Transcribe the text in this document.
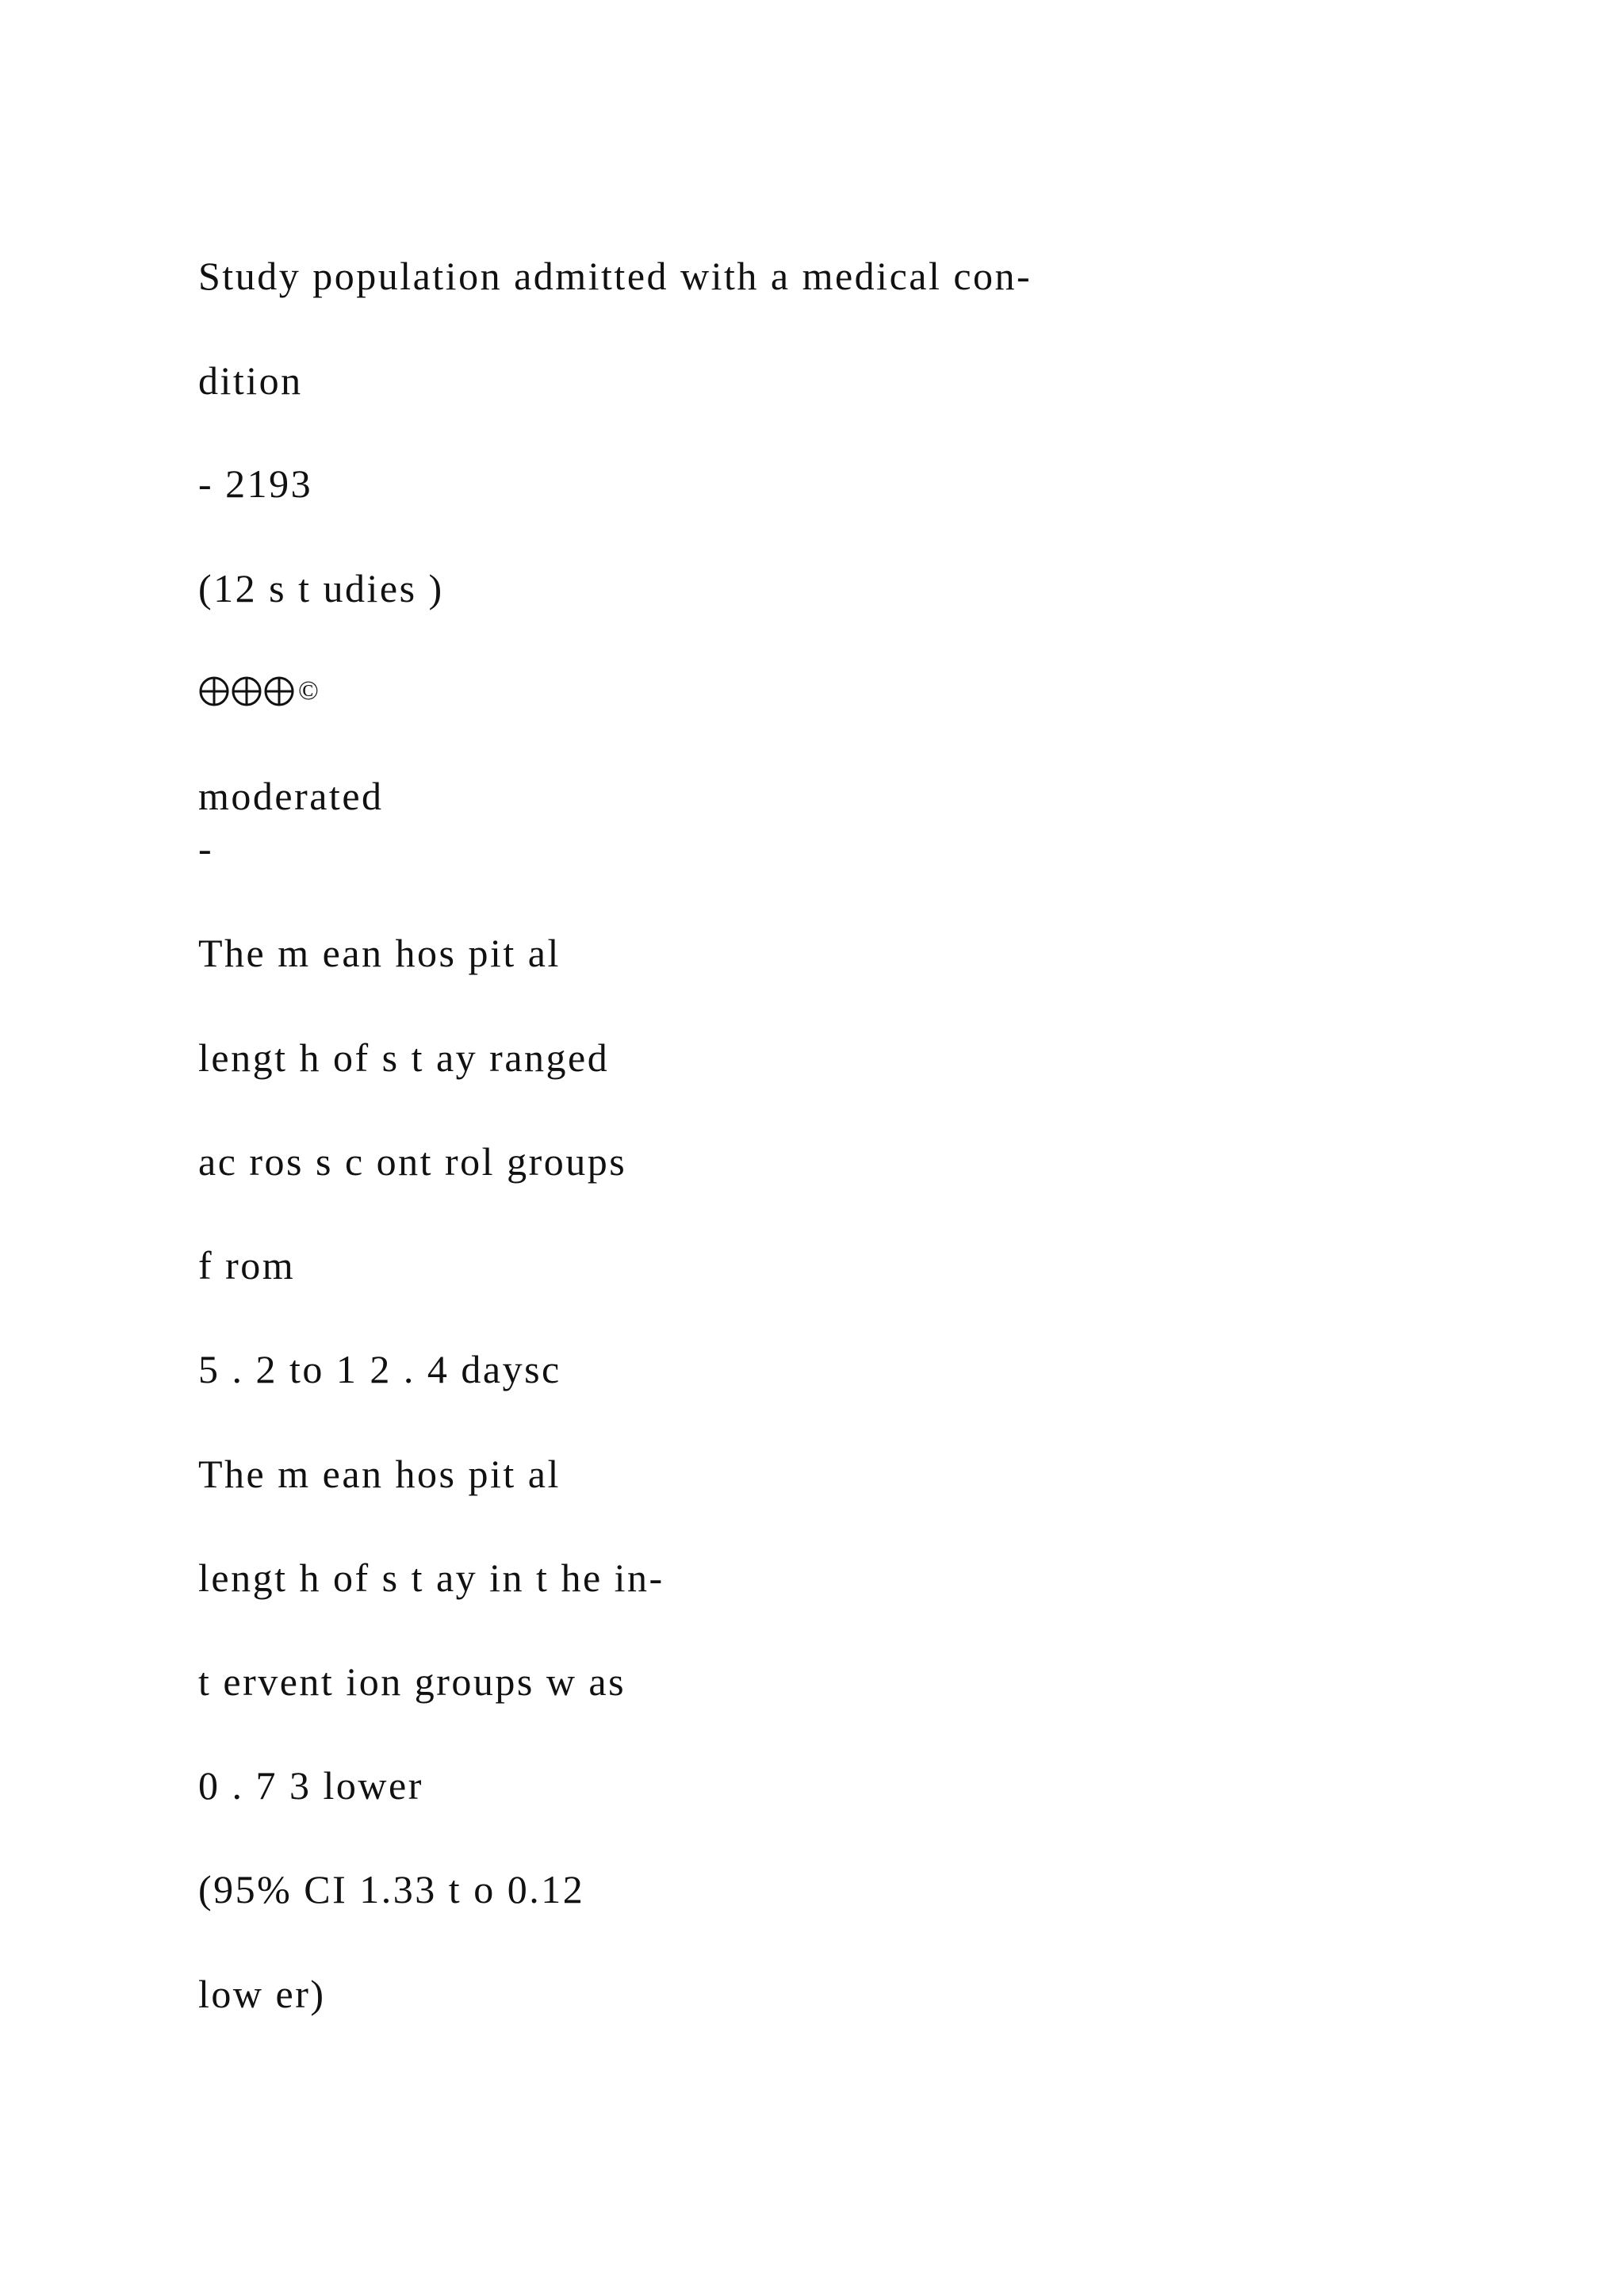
Study population admitted with a medical con-

dition

- 2193

(12 s t udies )

©

moderated

-

The m ean hos pit al

lengt h of s t ay ranged

ac ros s c ont rol groups

f rom

5 . 2 to 1 2 . 4 daysc

The m ean hos pit al

lengt h of s t ay in t he in-

t ervent ion groups w as

0 . 7 3 lower

(95% CI 1.33 t o 0.12

low er)
